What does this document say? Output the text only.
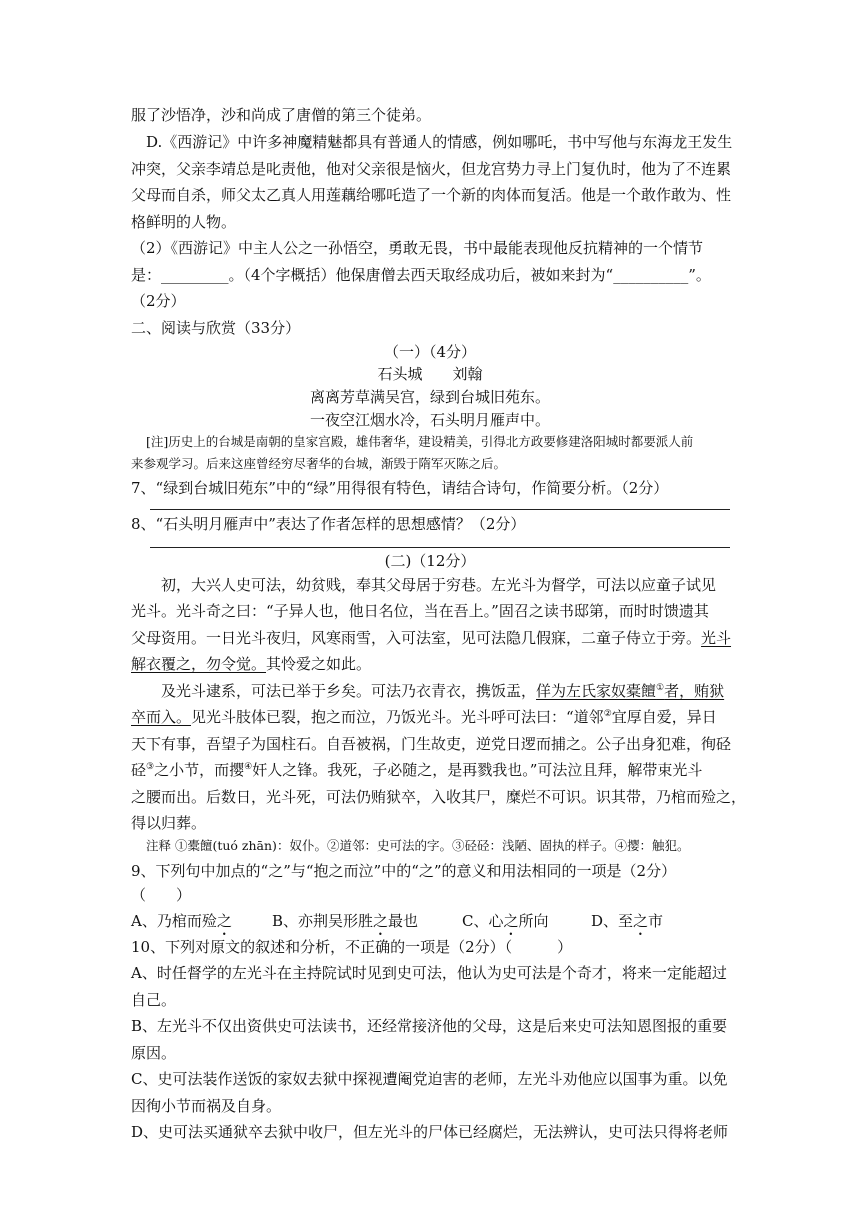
服了沙悟净，沙和尚成了唐僧的第三个徒弟。
D.《西游记》中许多神魔精魅都具有普通人的情感，例如哪吒，书中写他与东海龙王发生
冲突，父亲李靖总是叱责他，他对父亲很是恼火，但龙宫势力寻上门复仇时，他为了不连累
父母而自杀，师父太乙真人用莲藕给哪吒造了一个新的肉体而复活。他是一个敢作敢为、性
格鲜明的人物。
（2）《西游记》中主人公之一孙悟空，勇敢无畏，书中最能表现他反抗精神的一个情节
是：_________。（4个字概括）他保唐僧去西天取经成功后，被如来封为“__________”。
（2分）
二、阅读与欣赏（33分）
（一）（4分）
石头城　　刘翰
离离芳草满吴宫，绿到台城旧苑东。
一夜空江烟水冷，石头明月雁声中。
[注]历史上的台城是南朝的皇家宫殿，雄伟奢华，建设精美，引得北方政要修建洛阳城时都要派人前
来参观学习。后来这座曾经穷尽奢华的台城，渐毁于隋军灭陈之后。
7、“绿到台城旧苑东”中的“绿”用得很有特色，请结合诗句，作简要分析。（2分）
8、“石头明月雁声中”表达了作者怎样的思想感情？（2分）
(二)（12分）
初，大兴人史可法，幼贫贱，奉其父母居于穷巷。左光斗为督学，可法以应童子试见
光斗。光斗奇之曰：“子异人也，他日名位，当在吾上。”固召之读书邸第，而时时馈遗其
父母资用。一日光斗夜归，风寒雨雪，入可法室，见可法隐几假寐，二童子侍立于旁。光斗
解衣覆之，勿令觉。其怜爱之如此。
及光斗逮系，可法已举于乡矣。可法乃衣青衣，携饭盂，佯为左氏家奴橐饘①者，贿狱
卒而入。见光斗肢体已裂，抱之而泣，乃饭光斗。光斗呼可法曰：“道邻②宜厚自爱，异日
天下有事，吾望子为国柱石。自吾被祸，门生故吏，逆党日逻而捕之。公子出身犯难，徇硁
硁③之小节，而撄④奸人之锋。我死，子必随之，是再戮我也。”可法泣且拜，解带束光斗
之腰而出。后数日，光斗死，可法仍贿狱卒，入收其尸，糜烂不可识。识其带，乃棺而殓之，
得以归葬。
注释 ①橐饘(tuó zhān)：奴仆。②道邻：史可法的字。③硁硁：浅陋、固执的样子。④撄：触犯。
9、下列句中加点的“之”与“抱之而泣”中的“之”的意义和用法相同的一项是（2分）
（　　）
A、乃棺而殓之	B、亦荆吴形胜之最也	C、心之所向	D、至之市
10、下列对原文的叙述和分析，不正确的一项是（2分）（　　　）
A、时任督学的左光斗在主持院试时见到史可法，他认为史可法是个奇才，将来一定能超过
自己。
B、左光斗不仅出资供史可法读书，还经常接济他的父母，这是后来史可法知恩图报的重要
原因。
C、史可法装作送饭的家奴去狱中探视遭阉党迫害的老师，左光斗劝他应以国事为重。以免
因徇小节而祸及自身。
D、史可法买通狱卒去狱中收尸，但左光斗的尸体已经腐烂，无法辨认，史可法只得将老师
